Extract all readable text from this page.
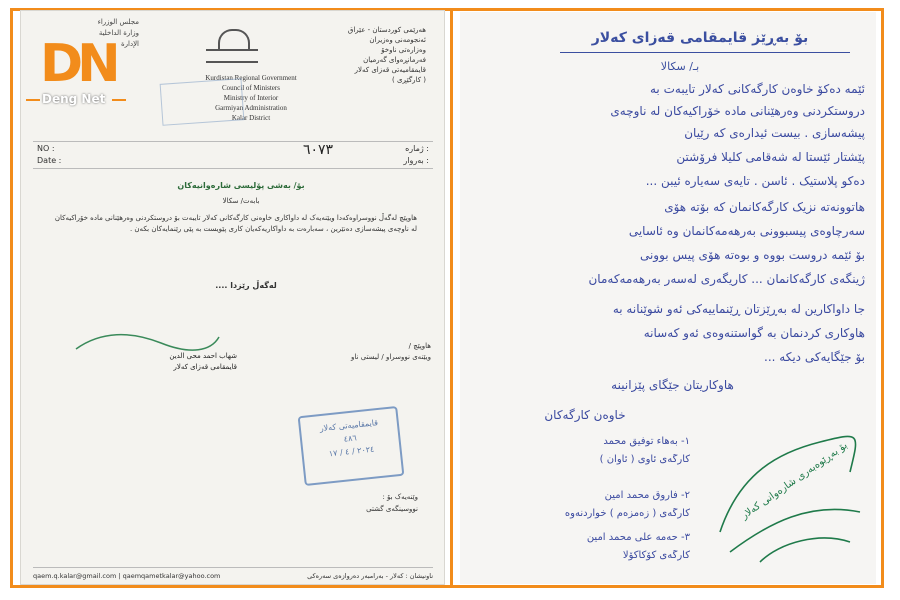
مجلس الوزراء
وزارة الداخلية
الإدارة
هەرێمی کوردستان - عێراق
ئەنجومەنی وەزیران
وەزارەتی ناوخۆ
فەرمانڕەوای گەرمیان
قایمقامیەتی قەزای کەلار
( کارگێڕی )
Kurdistan Regional Government
Council of Ministers
Ministry of Interior
Garmiyan Administration
Kalar District
NO :
Date :
ژمارە :
بەروار :
٦٠٧٣
بۆ/ بەشی پۆلیسی شارەوانیەکان
بابەت/ سکالا
هاوپێچ لەگەڵ نووسراوەکەدا ویێنەیەک لە داواکاری خاوەنی کارگەکانی کەلار تایبەت بۆ دروستکردنی وەرهێنانی مادە خۆراکیەکان لە ناوچەی پیشەسازی دەنێرین ، سەبارەت بە داواکاریەکەیان کاری پێویست بە پێی رێنمایەکان بکەن .
لەگەڵ رێزدا ....
شهاب احمد محی الدین
قایمقامی قەزای کەلار
هاوپێچ /
ویێنەی نووسراو / لیستی ناو
قایمقامیەتی کەلار
٤٨٦
٢٠٢٤ / ٤ / ١٧
وێنەیەک بۆ :
نووسینگەی گشتی
qaem.q.kalar@gmail.com | qaemqametkalar@yahoo.com	ناونیشان : کەلار - بەرامبەر دەروازەی سەرەکی
DN
Deng Net
بۆ بەڕێز قایمقامی قەزای کەلار
بـ/ سکالا
ئێمە دەکۆ خاوەن کارگەکانی کەلار تایبەت بە
دروستکردنی وەرهێنانی مادە خۆراکیەکان لە ناوچەی
پیشەسازی . بیست ئیدارەی کە رێیان
پێشتار ئێستا لە شەقامی کلیلا فرۆشتن
دەکو پلاستیک . ئاسن . تایەی سەیارە ئیبن ...
هاتوونەتە نزیک کارگەکانمان کە بۆتە هۆی
سەرچاوەی پیسبوونی بەرهەمەکانمان وە ئاسایی
بۆ ئێمە دروست بووە و بوەتە هۆی پیس بوونی
ژینگەی کارگەکانمان ... کاریگەری لەسەر بەرهەمەکەمان
جا داواکارین لە بەڕێزتان ڕێنماییەکی ئەو شوێنانە بە
هاوکاری کردنمان بە گواستنەوەی ئەو کەسانە
بۆ جێگایەکی دیکە ...
هاوکاریتان جێگای پێزانینە
خاوەن کارگەکان
١- بەهاء توفیق محمد
کارگەی ئاوی ( ئاوان )
٢- فاروق محمد امین
کارگەی ( زەمزەم ) خواردنەوە
٣- حەمە علی محمد امین
کارگەی کۆکاکۆلا
بۆ بەڕێوەبەری شارەوانی کەلار
